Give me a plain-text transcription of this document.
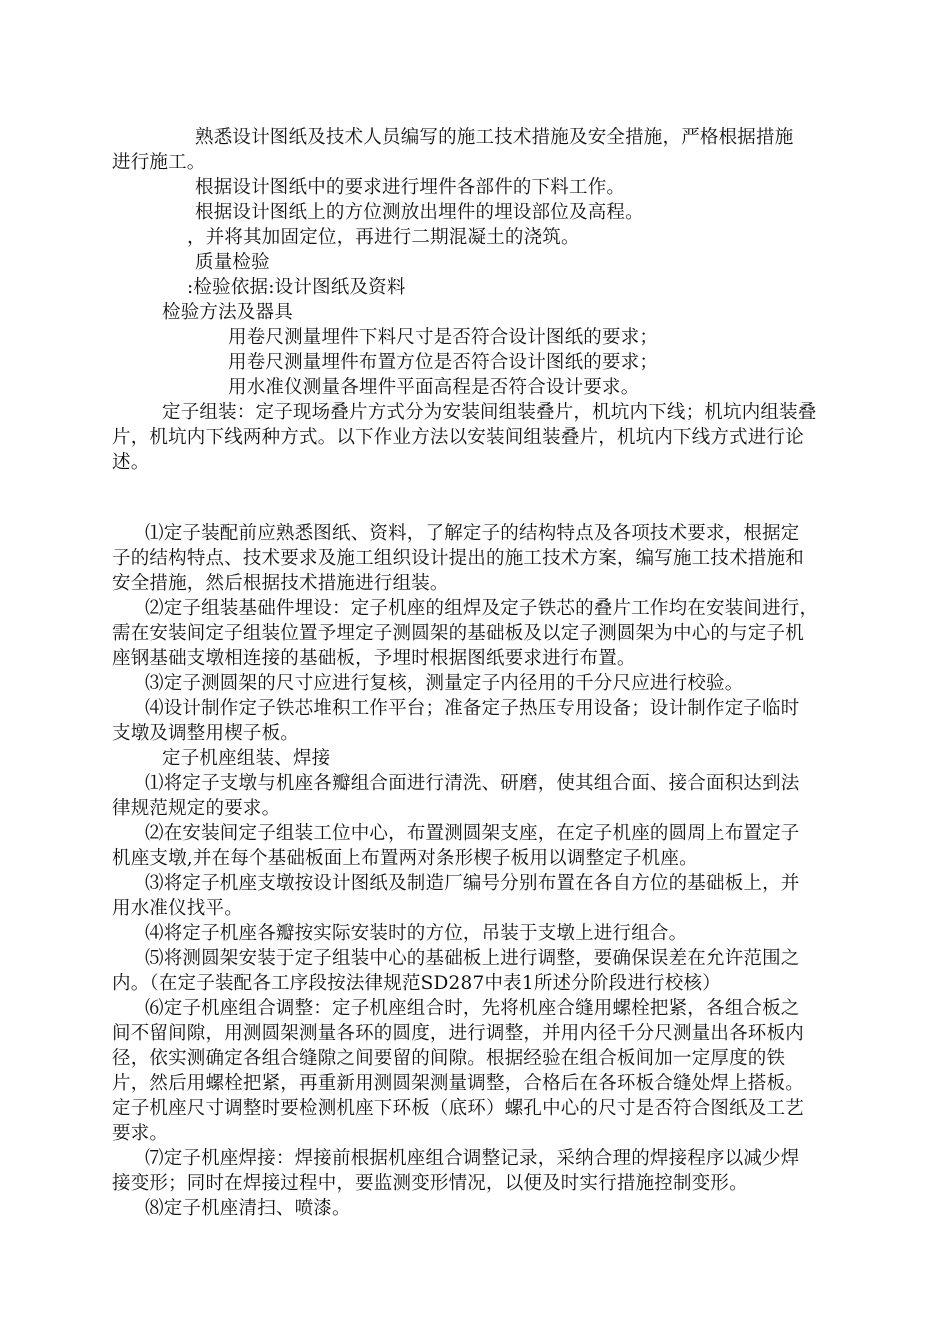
熟悉设计图纸及技术人员编写的施工技术措施及安全措施，严格根据措施
进行施工。
根据设计图纸中的要求进行埋件各部件的下料工作。
根据设计图纸上的方位测放出埋件的埋设部位及高程。
，并将其加固定位，再进行二期混凝土的浇筑。
质量检验
:检验依据:设计图纸及资料
检验方法及器具
用卷尺测量埋件下料尺寸是否符合设计图纸的要求；
用卷尺测量埋件布置方位是否符合设计图纸的要求；
用水准仪测量各埋件平面高程是否符合设计要求。
定子组装：定子现场叠片方式分为安装间组装叠片，机坑内下线；机坑内组装叠
片，机坑内下线两种方式。以下作业方法以安装间组装叠片，机坑内下线方式进行论
述。
⑴定子装配前应熟悉图纸、资料，了解定子的结构特点及各项技术要求，根据定
子的结构特点、技术要求及施工组织设计提出的施工技术方案，编写施工技术措施和
安全措施，然后根据技术措施进行组装。
⑵定子组装基础件埋设：定子机座的组焊及定子铁芯的叠片工作均在安装间进行，
需在安装间定子组装位置予埋定子测圆架的基础板及以定子测圆架为中心的与定子机
座钢基础支墩相连接的基础板，予埋时根据图纸要求进行布置。
⑶定子测圆架的尺寸应进行复核，测量定子内径用的千分尺应进行校验。
⑷设计制作定子铁芯堆积工作平台；准备定子热压专用设备；设计制作定子临时
支墩及调整用楔子板。
定子机座组装、焊接
⑴将定子支墩与机座各瓣组合面进行清洗、研磨，使其组合面、接合面积达到法
律规范规定的要求。
⑵在安装间定子组装工位中心，布置测圆架支座，在定子机座的圆周上布置定子
机座支墩,并在每个基础板面上布置两对条形楔子板用以调整定子机座。
⑶将定子机座支墩按设计图纸及制造厂编号分别布置在各自方位的基础板上，并
用水准仪找平。
⑷将定子机座各瓣按实际安装时的方位，吊装于支墩上进行组合。
⑸将测圆架安装于定子组装中心的基础板上进行调整，要确保误差在允许范围之
内。（在定子装配各工序段按法律规范SD287中表1所述分阶段进行校核）
⑹定子机座组合调整：定子机座组合时，先将机座合缝用螺栓把紧，各组合板之
间不留间隙，用测圆架测量各环的圆度，进行调整，并用内径千分尺测量出各环板内
径，依实测确定各组合缝隙之间要留的间隙。根据经验在组合板间加一定厚度的铁
片，然后用螺栓把紧，再重新用测圆架测量调整，合格后在各环板合缝处焊上搭板。
定子机座尺寸调整时要检测机座下环板（底环）螺孔中心的尺寸是否符合图纸及工艺
要求。
⑺定子机座焊接：焊接前根据机座组合调整记录，采纳合理的焊接程序以减少焊
接变形；同时在焊接过程中，要监测变形情况，以便及时实行措施控制变形。
⑻定子机座清扫、喷漆。
